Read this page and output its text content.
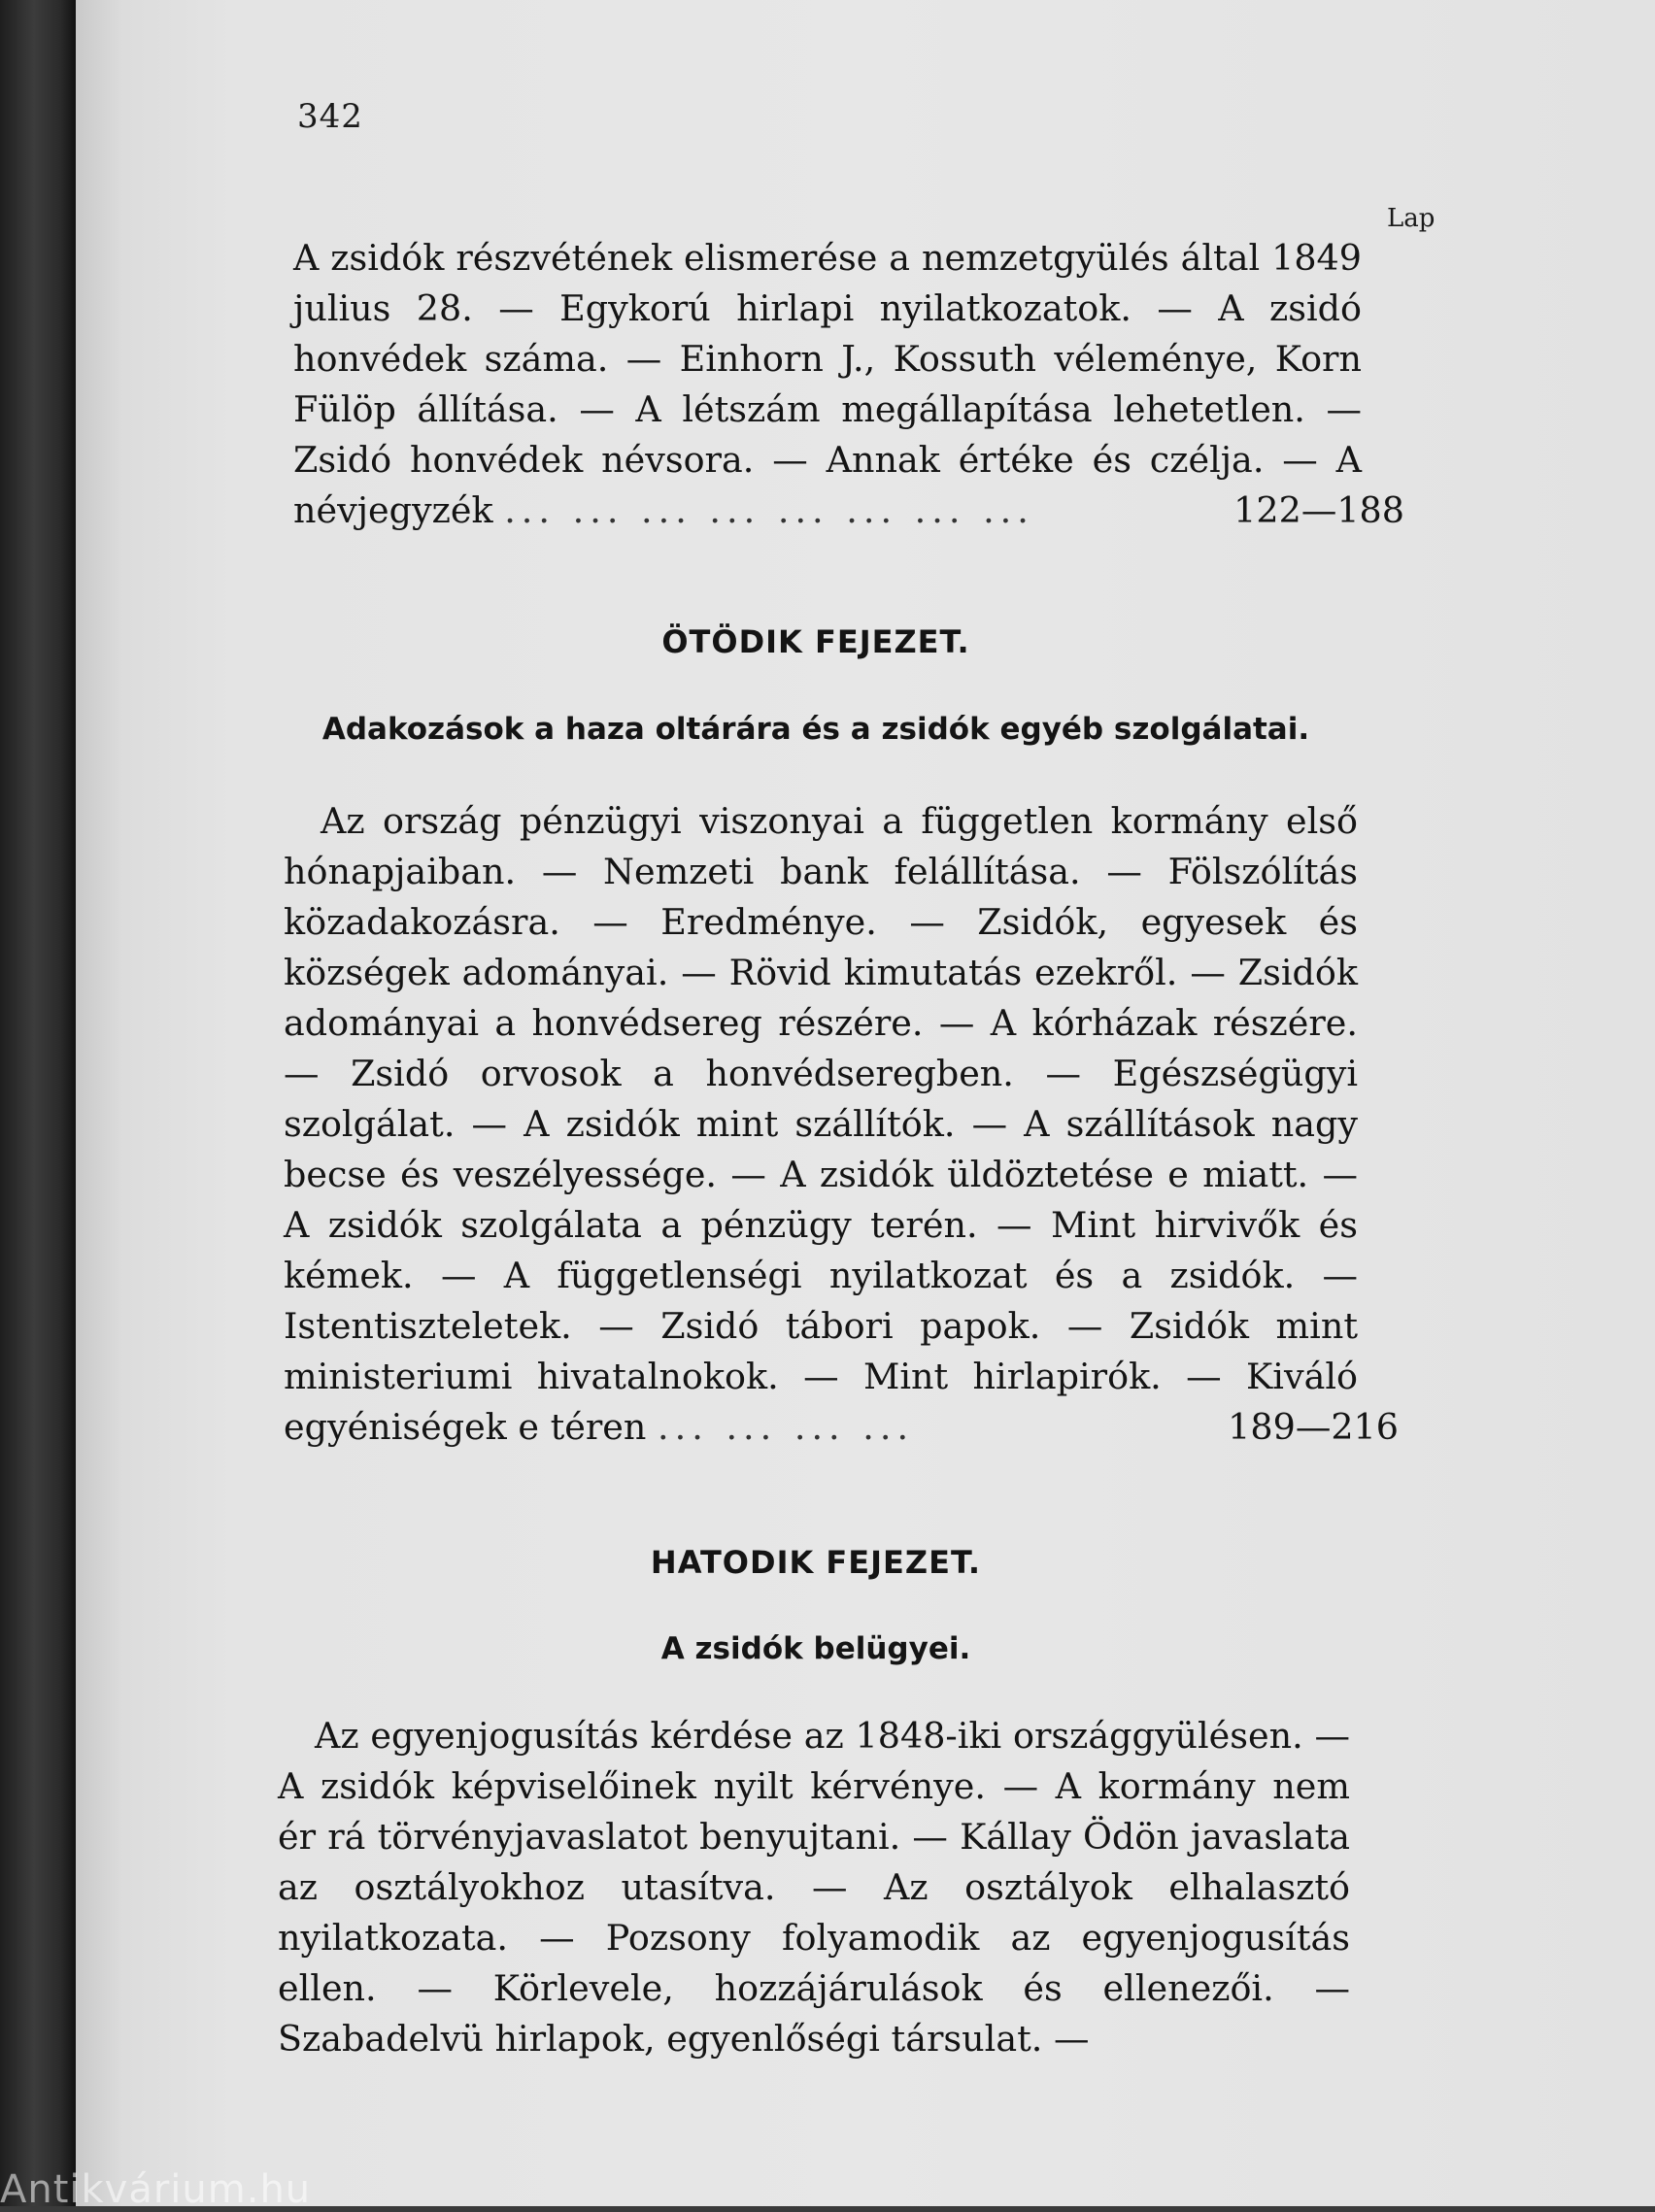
342
Lap
A zsidók részvétének elismerése a nemzetgyülés által 1849 julius 28. — Egykorú hirlapi nyilatkozatok. — A zsidó honvédek száma. — Einhorn J., Kossuth véleménye, Korn Fülöp állítása. — A létszám megállapítása lehetetlen. — Zsidó honvédek névsora. — Annak értéke és czélja. — A névjegyzék ... ... ... ... ... ... ... ...	122—188
ÖTÖDIK FEJEZET.
Adakozások a haza oltárára és a zsidók egyéb szolgálatai.
Az ország pénzügyi viszonyai a független kormány első hónapjaiban. — Nemzeti bank felállítása. — Fölszólítás közadakozásra. — Eredménye. — Zsidók, egyesek és községek adományai. — Rövid kimutatás ezekről. — Zsidók adományai a honvédsereg részére. — A kórházak részére. — Zsidó orvosok a honvédseregben. — Egészségügyi szolgálat. — A zsidók mint szállítók. — A szállítások nagy becse és veszélyessége. — A zsidók üldöztetése e miatt. — A zsidók szolgálata a pénzügy terén. — Mint hirvivők és kémek. — A függetlenségi nyilatkozat és a zsidók. — Istentiszteletek. — Zsidó tábori papok. — Zsidók mint ministeriumi hivatalnokok. — Mint hirlapirók. — Kiváló egyéniségek e téren ... ... ... ...	189—216
HATODIK FEJEZET.
A zsidók belügyei.
Az egyenjogusítás kérdése az 1848-iki országgyülésen. — A zsidók képviselőinek nyilt kérvénye. — A kormány nem ér rá törvényjavaslatot benyujtani. — Kállay Ödön javaslata az osztályokhoz utasítva. — Az osztályok elhalasztó nyilatkozata. — Pozsony folyamodik az egyenjogusítás ellen. — Körlevele, hozzájárulások és ellenezői. — Szabadelvü hirlapok, egyenlőségi társulat. —
Antikvárium.hu
